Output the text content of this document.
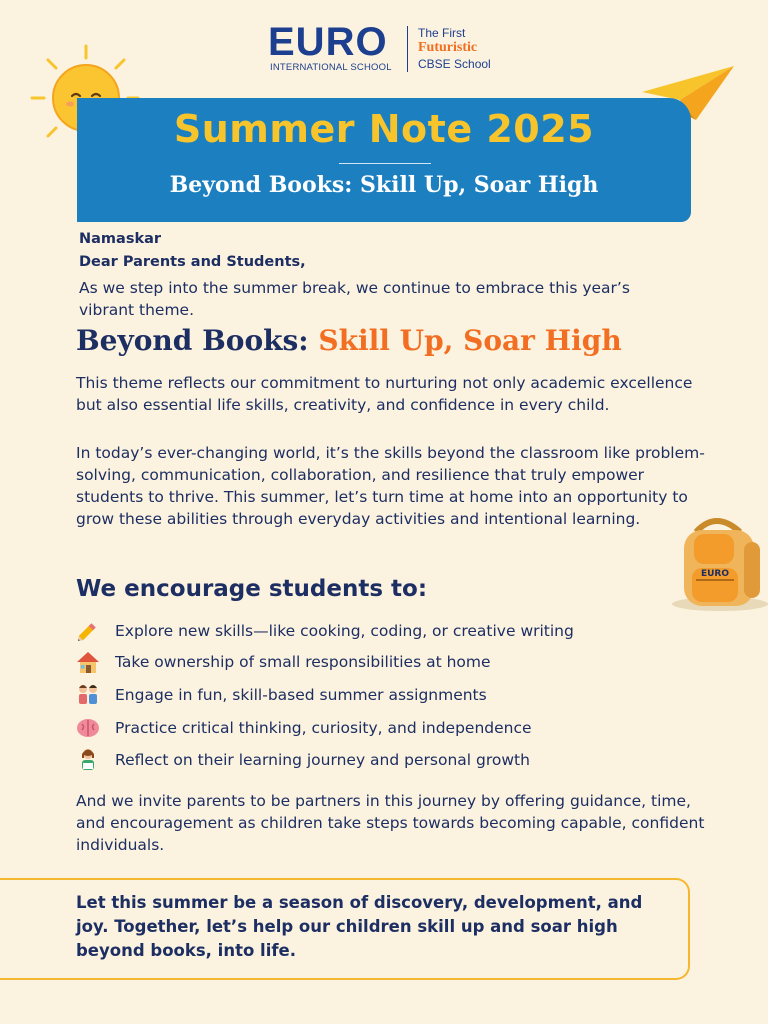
EURO
INTERNATIONAL SCHOOL
The First
Futuristic
CBSE School
Summer Note 2025
Beyond Books: Skill Up, Soar High
Namaskar
Dear Parents and Students,
As we step into the summer break, we continue to embrace this year’s vibrant theme.
Beyond Books: Skill Up, Soar High
This theme reflects our commitment to nurturing not only academic excellence but also essential life skills, creativity, and confidence in every child.
In today’s ever-changing world, it’s the skills beyond the classroom like problem-solving, communication, collaboration, and resilience that truly empower students to thrive. This summer, let’s turn time at home into an opportunity to grow these abilities through everyday activities and intentional learning.
EURO
We encourage students to:
Explore new skills—like cooking, coding, or creative writing
Take ownership of small responsibilities at home
Engage in fun, skill-based summer assignments
Practice critical thinking, curiosity, and independence
Reflect on their learning journey and personal growth
And we invite parents to be partners in this journey by offering guidance, time, and encouragement as children take steps towards becoming capable, confident individuals.
Let this summer be a season of discovery, development, and joy. Together, let’s help our children skill up and soar high beyond books, into life.
